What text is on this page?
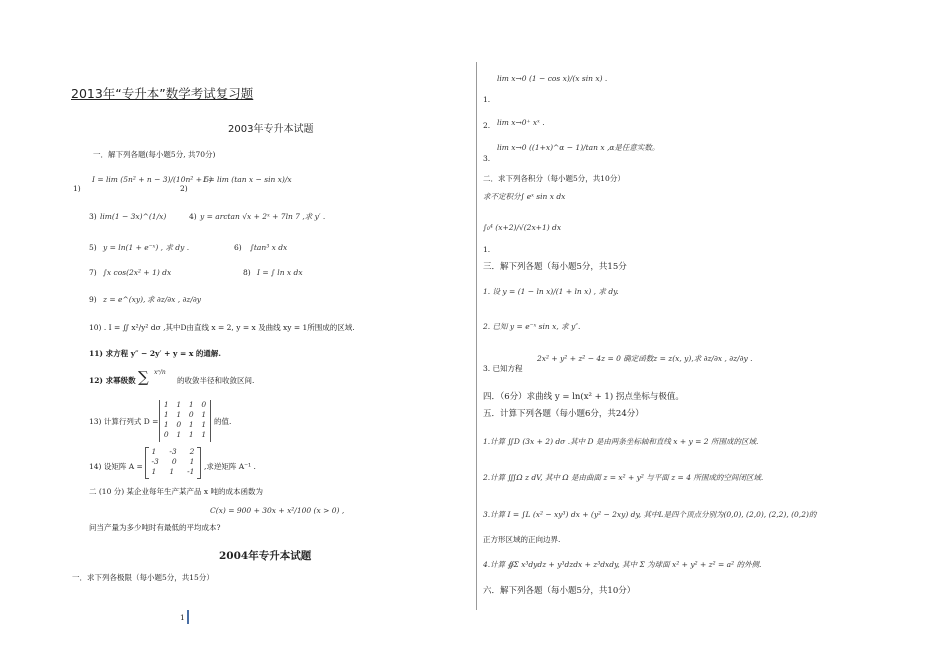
2013年“专升本”数学考试复习题
2003年专升本试题
一．解下列各题(每小题5分, 共70分)
1)
I = lim (5n² + n − 3)/(10n² + 5)
2)
I = lim (tan x − sin x)/x
3) lim(1 − 3x)^(1/x)	4) y = arctan √x + 2ˣ + 7ln 7 ,求 y′ .
5) y = ln(1 + e⁻ˣ) , 求 dy .	6) ∫tan³ x dx
7) ∫x cos(2x² + 1) dx	8) I = ∫ ln x dx
9) z = e^(xy), 求 ∂z/∂x , ∂z/∂y
10) . I = ∬ x²/y² dσ ,其中D由直线 x = 2, y = x 及曲线 xy = 1所围成的区域.
11) 求方程 y″ − 2y′ + y = x 的通解.
12) 求幂级数 ∑ xⁿ/n
的收敛半径和收敛区间.
13) 计算行列式 D =
1 1 1 0
1 1 0 1
1 0 1 1
0 1 1 1
的值.
14) 设矩阵 A =
1 -3 2
-3 0 1
1 1 -1
,求逆矩阵 A⁻¹ .
二 (10 分) 某企业每年生产某产品 x 吨的成本函数为
C(x) = 900 + 30x + x²/100 (x > 0) ,
问当产量为多少吨时有最低的平均成本?
2004年专升本试题
一．求下列各极限（每小题5分，共15分）
1
lim x→0 (1 − cos x)/(x sin x) .
1.
2. lim x→0⁺ xˣ .
3.
lim x→0 ((1+x)^α − 1)/tan x ,α是任意实数。
二．求下列各积分（每小题5分，共10分）
求不定积分∫ eˣ sin x dx
∫₀⁴ (x+2)/√(2x+1) dx
1.
三．解下列各题（每小题5分，共15分
1. 设 y = (1 − ln x)/(1 + ln x) , 求 dy.
2. 已知 y = e⁻ˣ sin x, 求 y″.
2x² + y² + z² − 4z = 0 确定函数z = z(x, y),求 ∂z/∂x , ∂z/∂y .
3. 已知方程
四．（6分）求曲线 y = ln(x² + 1) 拐点坐标与极值。
五．计算下列各题（每小题6分，共24分）
1.计算 ∬D (3x + 2) dσ .其中 D 是由两条坐标轴和直线 x + y = 2 所围成的区域.
2.计算 ∭Ω z dV, 其中 Ω 是由曲面 z = x² + y² 与平面 z = 4 所围成的空间闭区域.
3.计算 I = ∫L (x² − xy³) dx + (y² − 2xy) dy, 其中L是四个顶点分别为(0,0), (2,0), (2,2), (0,2)的
正方形区域的正向边界.
4.计算 ∯Σ x³dydz + y³dzdx + z³dxdy, 其中 Σ 为球面 x² + y² + z² = a² 的外侧.
六．解下列各题（每小题5分，共10分）
